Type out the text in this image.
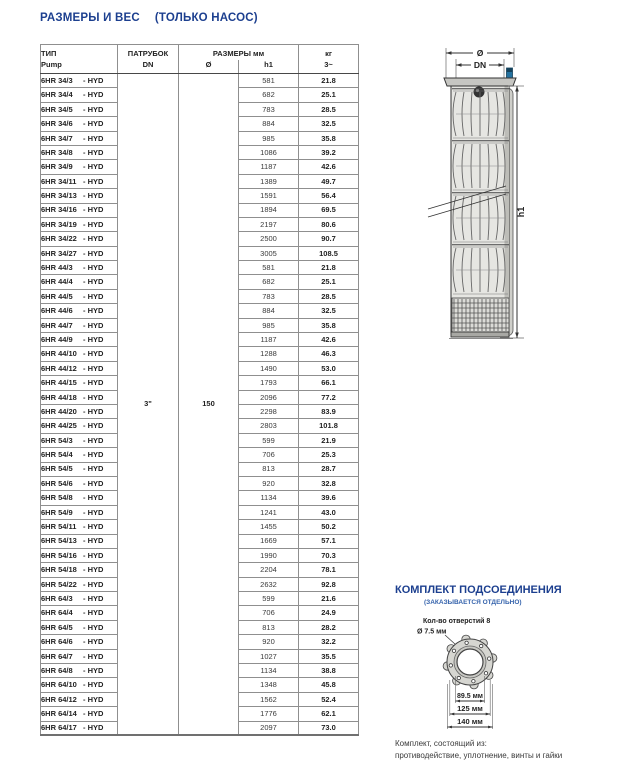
РАЗМЕРЫ И ВЕС (ТОЛЬКО НАСОС)
ТИП	ПАТРУБОК	РАЗМЕРЫ мм		кг
Pump	DN	Ø	h1	3~
6HR 34/3 - HYD	3"	150	581	21.8
6HR 34/4 - HYD			682	25.1
6HR 34/5 - HYD			783	28.5
6HR 34/6 - HYD			884	32.5
6HR 34/7 - HYD			985	35.8
6HR 34/8 - HYD			1086	39.2
6HR 34/9 - HYD			1187	42.6
6HR 34/11 - HYD			1389	49.7
6HR 34/13 - HYD			1591	56.4
6HR 34/16 - HYD			1894	69.5
6HR 34/19 - HYD			2197	80.6
6HR 34/22 - HYD			2500	90.7
6HR 34/27 - HYD			3005	108.5
6HR 44/3 - HYD			581	21.8
6HR 44/4 - HYD			682	25.1
6HR 44/5 - HYD			783	28.5
6HR 44/6 - HYD			884	32.5
6HR 44/7 - HYD			985	35.8
6HR 44/9 - HYD			1187	42.6
6HR 44/10 - HYD			1288	46.3
6HR 44/12 - HYD			1490	53.0
6HR 44/15 - HYD			1793	66.1
6HR 44/18 - HYD			2096	77.2
6HR 44/20 - HYD			2298	83.9
6HR 44/25 - HYD			2803	101.8
6HR 54/3 - HYD			599	21.9
6HR 54/4 - HYD			706	25.3
6HR 54/5 - HYD			813	28.7
6HR 54/6 - HYD			920	32.8
6HR 54/8 - HYD			1134	39.6
6HR 54/9 - HYD			1241	43.0
6HR 54/11 - HYD			1455	50.2
6HR 54/13 - HYD			1669	57.1
6HR 54/16 - HYD			1990	70.3
6HR 54/18 - HYD			2204	78.1
6HR 54/22 - HYD			2632	92.8
6HR 64/3 - HYD			599	21.6
6HR 64/4 - HYD			706	24.9
6HR 64/5 - HYD			813	28.2
6HR 64/6 - HYD			920	32.2
6HR 64/7 - HYD			1027	35.5
6HR 64/8 - HYD			1134	38.8
6HR 64/10 - HYD			1348	45.8
6HR 64/12 - HYD			1562	52.4
6HR 64/14 - HYD			1776	62.1
6HR 64/17 - HYD			2097	73.0
Ø
DN
h1
КОМПЛЕКТ ПОДСОЕДИНЕНИЯ
(ЗАКАЗЫВАЕТСЯ ОТДЕЛЬНО)
Кол-во отверстий 8
Ø 7.5 мм
89.5 мм
125 мм
140 мм
Комплект, состоящий из:
противодействие, уплотнение, винты и гайки
